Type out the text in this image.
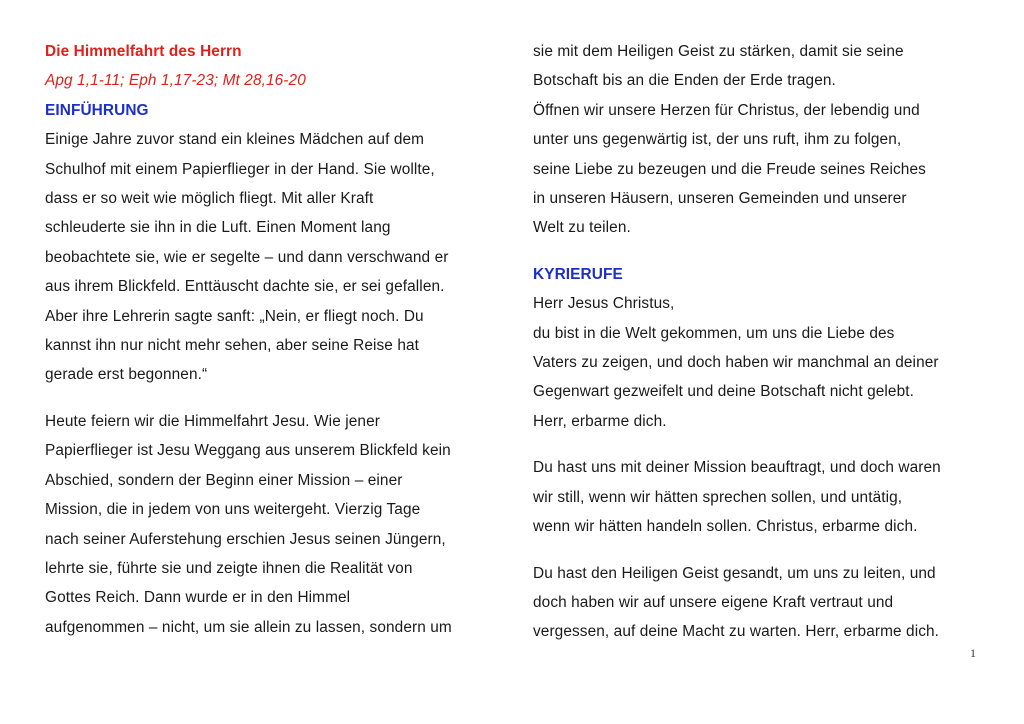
Die Himmelfahrt des Herrn
Apg 1,1-11; Eph 1,17-23; Mt 28,16-20
EINFÜHRUNG
Einige Jahre zuvor stand ein kleines Mädchen auf dem
Schulhof mit einem Papierflieger in der Hand. Sie wollte,
dass er so weit wie möglich fliegt. Mit aller Kraft
schleuderte sie ihn in die Luft. Einen Moment lang
beobachtete sie, wie er segelte – und dann verschwand er
aus ihrem Blickfeld. Enttäuscht dachte sie, er sei gefallen.
Aber ihre Lehrerin sagte sanft: „Nein, er fliegt noch. Du
kannst ihn nur nicht mehr sehen, aber seine Reise hat
gerade erst begonnen.“
Heute feiern wir die Himmelfahrt Jesu. Wie jener
Papierflieger ist Jesu Weggang aus unserem Blickfeld kein
Abschied, sondern der Beginn einer Mission – einer
Mission, die in jedem von uns weitergeht. Vierzig Tage
nach seiner Auferstehung erschien Jesus seinen Jüngern,
lehrte sie, führte sie und zeigte ihnen die Realität von
Gottes Reich. Dann wurde er in den Himmel
aufgenommen – nicht, um sie allein zu lassen, sondern um
sie mit dem Heiligen Geist zu stärken, damit sie seine
Botschaft bis an die Enden der Erde tragen.
Öffnen wir unsere Herzen für Christus, der lebendig und
unter uns gegenwärtig ist, der uns ruft, ihm zu folgen,
seine Liebe zu bezeugen und die Freude seines Reiches
in unseren Häusern, unseren Gemeinden und unserer
Welt zu teilen.
KYRIERUFE
Herr Jesus Christus,
du bist in die Welt gekommen, um uns die Liebe des
Vaters zu zeigen, und doch haben wir manchmal an deiner
Gegenwart gezweifelt und deine Botschaft nicht gelebt.
Herr, erbarme dich.
Du hast uns mit deiner Mission beauftragt, und doch waren
wir still, wenn wir hätten sprechen sollen, und untätig,
wenn wir hätten handeln sollen. Christus, erbarme dich.
Du hast den Heiligen Geist gesandt, um uns zu leiten, und
doch haben wir auf unsere eigene Kraft vertraut und
vergessen, auf deine Macht zu warten. Herr, erbarme dich.
1
